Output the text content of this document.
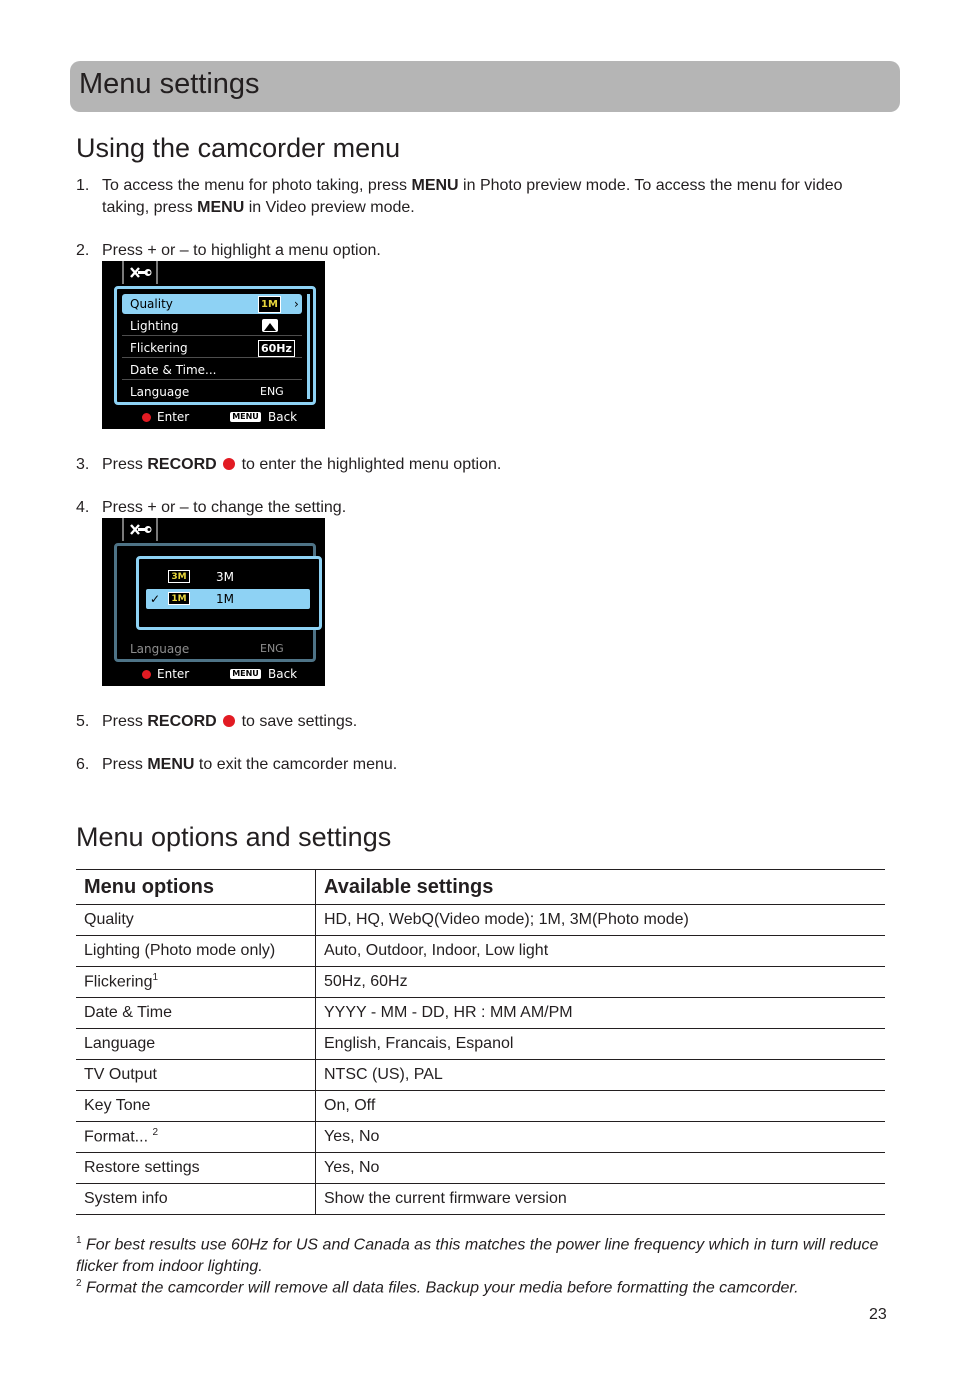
Menu settings
Using the camcorder menu
1. To access the menu for photo taking, press MENU in Photo preview mode. To access the menu for video taking, press MENU in Video preview mode.
2. Press + or – to highlight a menu option.
Quality	1M ›
Lighting
Flickering	60Hz
Date & Time...
Language	ENG
Enter	MENU Back
3. Press RECORD  to enter the highlighted menu option.
4. Press + or – to change the setting.
Language	ENG
3M 3M
✓	1M 1M
Enter	MENU Back
5. Press RECORD  to save settings.
6. Press MENU to exit the camcorder menu.
Menu options and settings
Menu options	Available settings
Quality	HD, HQ, WebQ(Video mode); 1M, 3M(Photo mode)
Lighting (Photo mode only)	Auto, Outdoor, Indoor, Low light
Flickering$^1$	50Hz, 60Hz
Date & Time	YYYY - MM - DD, HR : MM AM/PM
Language	English, Francais, Espanol
TV Output	NTSC (US), PAL
Key Tone	On, Off
Format... $^2$	Yes, No
Restore settings	Yes, No
System info	Show the current firmware version
$^1$ For best results use 60Hz for US and Canada as this matches the power line frequency which in turn will reduce flicker from indoor lighting.
$^2$ Format the camcorder will remove all data files. Backup your media before formatting the camcorder.
23
